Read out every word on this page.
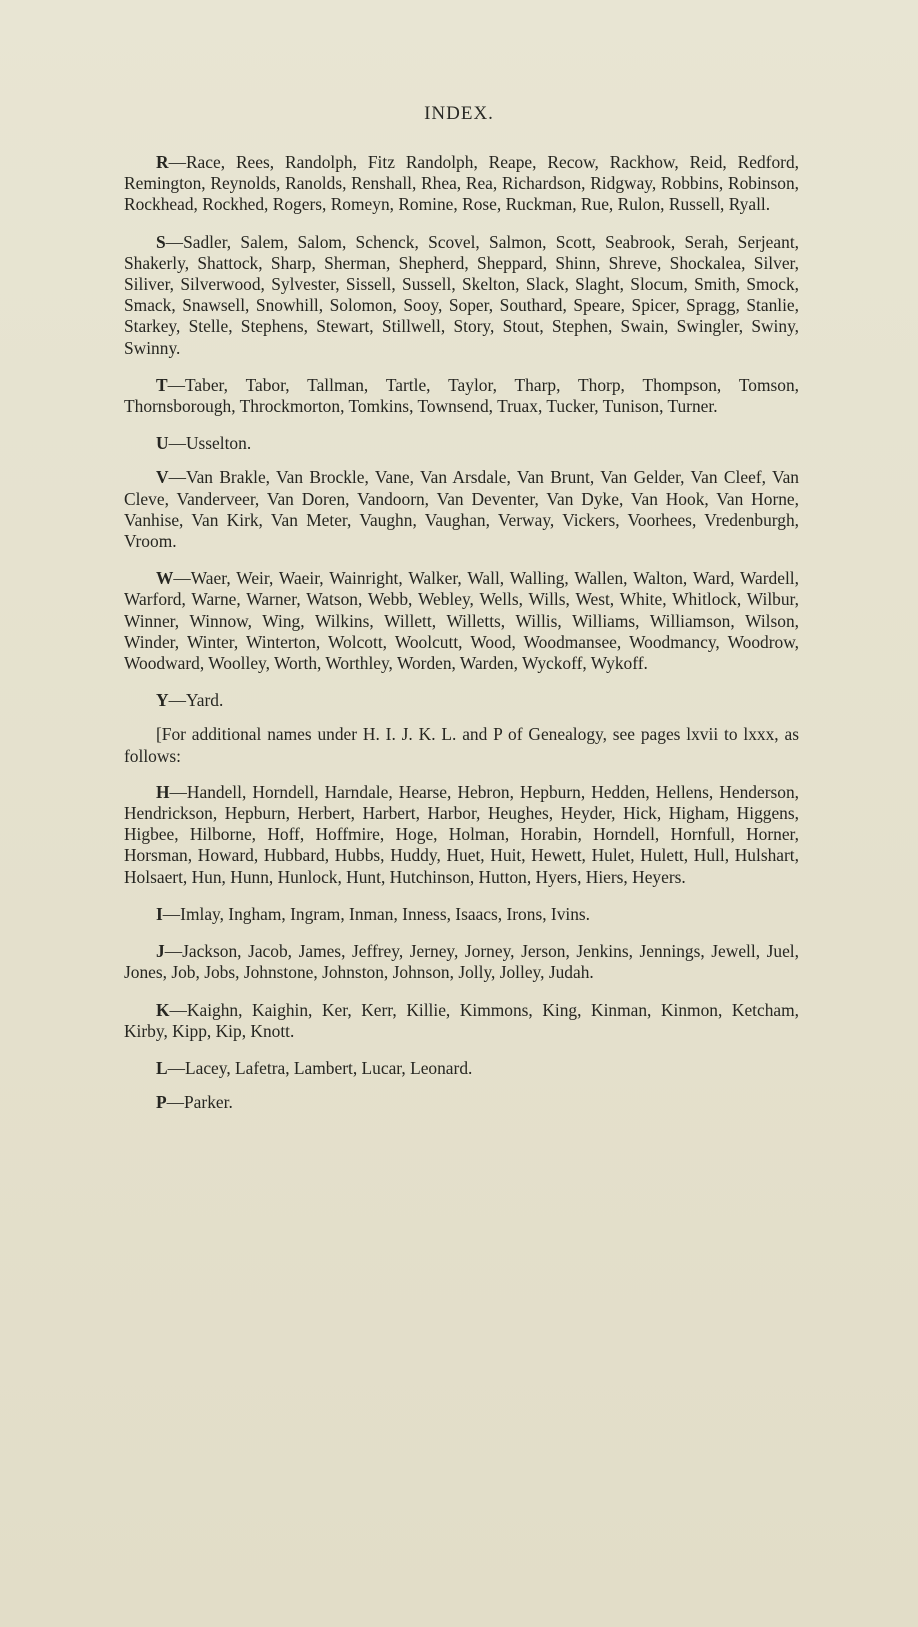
INDEX.

R—Race, Rees, Randolph, Fitz Randolph, Reape, Recow, Rackhow, Reid, Redford, Remington, Reynolds, Ranolds, Renshall, Rhea, Rea, Richardson, Ridgway, Robbins, Robinson, Rockhead, Rockhed, Rogers, Romeyn, Romine, Rose, Ruckman, Rue, Rulon, Russell, Ryall.

S—Sadler, Salem, Salom, Schenck, Scovel, Salmon, Scott, Seabrook, Serah, Serjeant, Shakerly, Shattock, Sharp, Sherman, Shepherd, Sheppard, Shinn, Shreve, Shockalea, Silver, Siliver, Silverwood, Sylvester, Sissell, Sussell, Skelton, Slack, Slaght, Slocum, Smith, Smock, Smack, Snawsell, Snowhill, Solomon, Sooy, Soper, Southard, Speare, Spicer, Spragg, Stanlie, Starkey, Stelle, Stephens, Stewart, Stillwell, Story, Stout, Stephen, Swain, Swingler, Swiny, Swinny.

T—Taber, Tabor, Tallman, Tartle, Taylor, Tharp, Thorp, Thompson, Tomson, Thornsborough, Throckmorton, Tomkins, Townsend, Truax, Tucker, Tunison, Turner.

U—Usselton.

V—Van Brakle, Van Brockle, Vane, Van Arsdale, Van Brunt, Van Gelder, Van Cleef, Van Cleve, Vanderveer, Van Doren, Vandoorn, Van Deventer, Van Dyke, Van Hook, Van Horne, Vanhise, Van Kirk, Van Meter, Vaughn, Vaughan, Verway, Vickers, Voorhees, Vredenburgh, Vroom.

W—Waer, Weir, Waeir, Wainright, Walker, Wall, Walling, Wallen, Walton, Ward, Wardell, Warford, Warne, Warner, Watson, Webb, Webley, Wells, Wills, West, White, Whitlock, Wilbur, Winner, Winnow, Wing, Wilkins, Willett, Willetts, Willis, Williams, Williamson, Wilson, Winder, Winter, Winterton, Wolcott, Woolcutt, Wood, Woodmansee, Woodmancy, Woodrow, Woodward, Woolley, Worth, Worthley, Worden, Warden, Wyckoff, Wykoff.

Y—Yard.

[For additional names under H. I. J. K. L. and P of Genealogy, see pages lxvii to lxxx, as follows:

H—Handell, Horndell, Harndale, Hearse, Hebron, Hepburn, Hedden, Hellens, Henderson, Hendrickson, Hepburn, Herbert, Harbert, Harbor, Heughes, Heyder, Hick, Higham, Higgens, Higbee, Hilborne, Hoff, Hoffmire, Hoge, Holman, Horabin, Horndell, Hornfull, Horner, Horsman, Howard, Hubbard, Hubbs, Huddy, Huet, Huit, Hewett, Hulet, Hulett, Hull, Hulshart, Holsaert, Hun, Hunn, Hunlock, Hunt, Hutchinson, Hutton, Hyers, Hiers, Heyers.

I—Imlay, Ingham, Ingram, Inman, Inness, Isaacs, Irons, Ivins.

J—Jackson, Jacob, James, Jeffrey, Jerney, Jorney, Jerson, Jenkins, Jennings, Jewell, Juel, Jones, Job, Jobs, Johnstone, Johnston, Johnson, Jolly, Jolley, Judah.

K—Kaighn, Kaighin, Ker, Kerr, Killie, Kimmons, King, Kinman, Kinmon, Ketcham, Kirby, Kipp, Kip, Knott.

L—Lacey, Lafetra, Lambert, Lucar, Leonard.

P—Parker.
